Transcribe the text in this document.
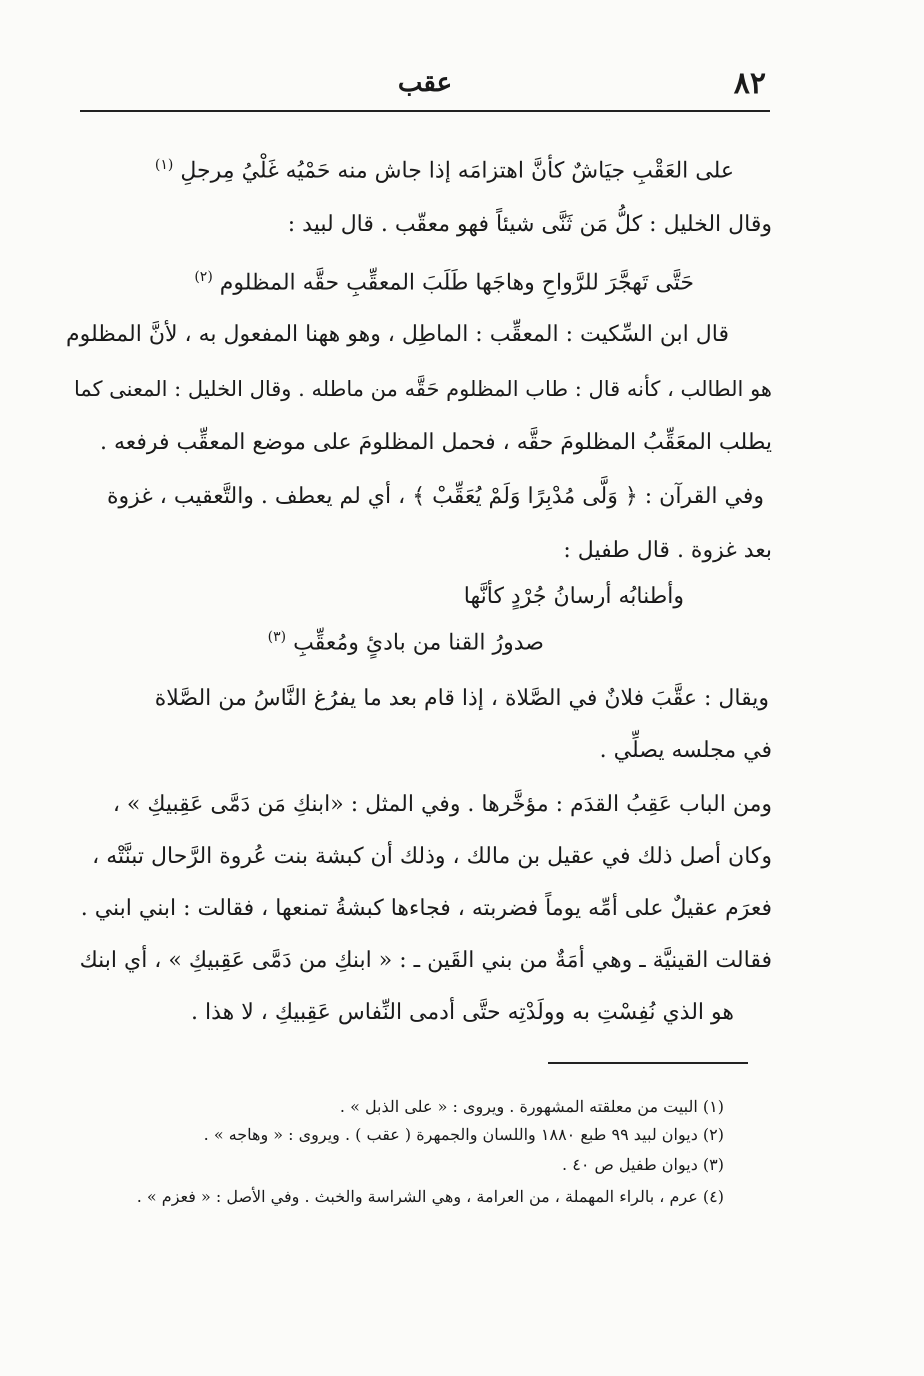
٨٢
عقب
على العَقْبِ جيَاشٌ كأنَّ اهتزامَه إذا جاش منه حَمْيُه غَلْيُ مِرجلِ $^{(١)}$
وقال الخليل : كلُّ مَن ثَنَّى شيئاً فهو معقّب . قال لبيد :
حَتَّى تَهجَّرَ للرَّواحِ وهاجَها طَلَبَ المعقِّبِ حقَّه المظلوم $^{(٢)}$
قال ابن السِّكيت : المعقِّب : الماطِل ، وهو ههنا المفعول به ، لأنَّ المظلوم
هو الطالب ، كأنه قال : طاب المظلوم حَقَّه من ماطله . وقال الخليل : المعنى كما
يطلب المعَقِّبُ المظلومَ حقَّه ، فحمل المظلومَ على موضع المعقِّب فرفعه .
وفي القرآن : ﴿ وَلَّى مُدْبِرًا وَلَمْ يُعَقِّبْ ﴾ ، أي لم يعطف . والتَّعقيب ، غزوة
بعد غزوة . قال طفيل :
وأطنابُه أرسانُ جُرْدٍ كأنَّها
صدورُ القنا من بادئٍ ومُعقِّبِ $^{(٣)}$
ويقال : عقَّبَ فلانٌ في الصَّلاة ، إذا قام بعد ما يفرُغ النَّاسُ من الصَّلاة
في مجلسه يصلِّي .
ومن الباب عَقِبُ القدَم : مؤخَّرها . وفي المثل : «ابنكِ مَن دَمَّى عَقِبيكِ » ،
وكان أصل ذلك في عقيل بن مالك ، وذلك أن كبشة بنت عُروة الرَّحال تبنَّتْه ،
فعرَم عقيلٌ على أمِّه يوماً فضربته ، فجاءها كبشةُ تمنعها ، فقالت : ابني ابني .
فقالت القينيَّة ـ وهي أمَةٌ من بني القَين ـ : « ابنكِ من دَمَّى عَقِبيكِ » ، أي ابنك
هو الذي نُفِسْتِ به وولَدْتِه حتَّى أدمى النِّفاس عَقِبيكِ ، لا هذا .
(١) البيت من معلقته المشهورة . ويروى : « على الذبل » .
(٢) ديوان لبيد ٩٩ طبع ١٨٨٠ واللسان والجمهرة ( عقب ) . ويروى : « وهاجه » .
(٣) ديوان طفيل ص ٤٠ .
(٤) عرم ، بالراء المهملة ، من العرامة ، وهي الشراسة والخبث . وفي الأصل : « فعزم » .
